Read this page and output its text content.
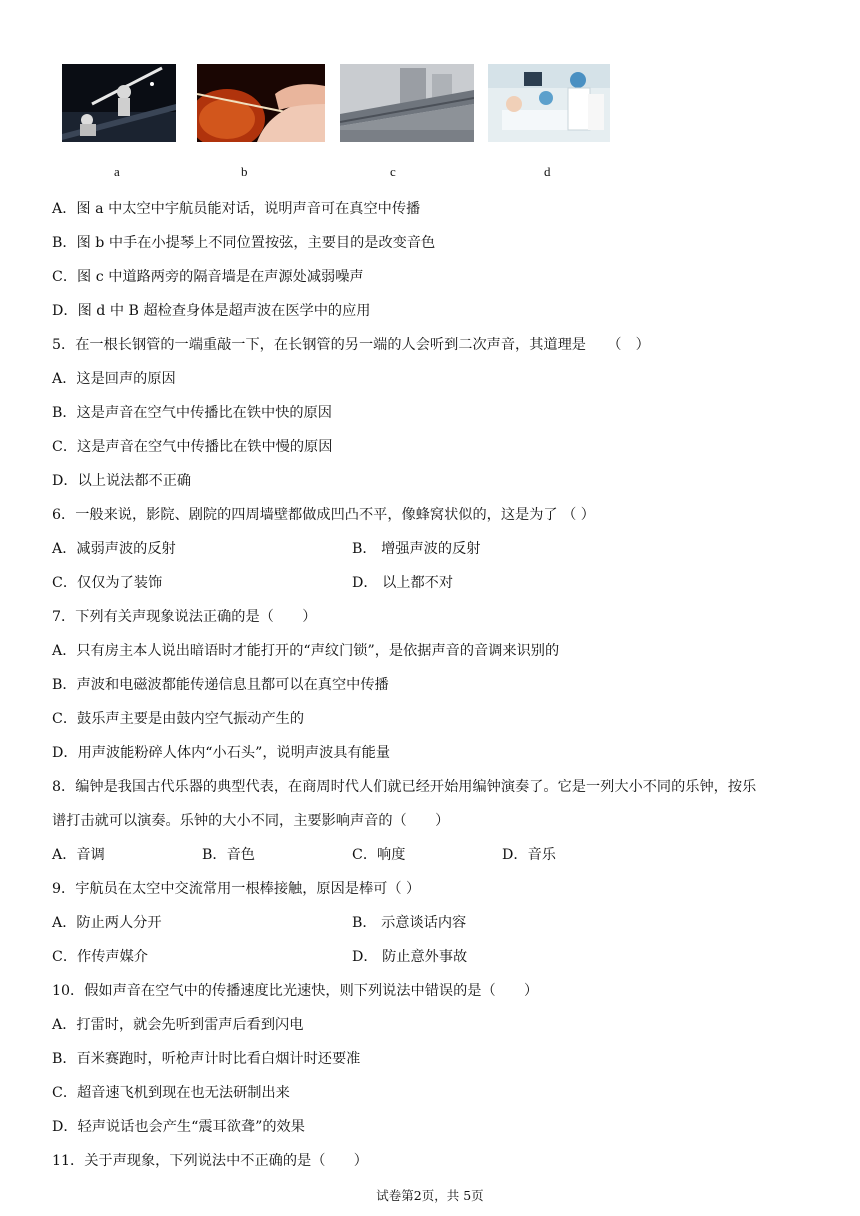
a	b	c	d
A．图 a 中太空中宇航员能对话，说明声音可在真空中传播
B．图 b 中手在小提琴上不同位置按弦，主要目的是改变音色
C．图 c 中道路两旁的隔音墙是在声源处减弱噪声
D．图 d 中 B 超检查身体是超声波在医学中的应用
5．在一根长钢管的一端重敲一下，在长钢管的另一端的人会听到二次声音，其道理是　　（　）
A．这是回声的原因
B．这是声音在空气中传播比在铁中快的原因
C．这是声音在空气中传播比在铁中慢的原因
D．以上说法都不正确
6．一般来说，影院、剧院的四周墙壁都做成凹凸不平，像蜂窝状似的，这是为了 （ ）
A．减弱声波的反射	B． 增强声波的反射
C．仅仅为了装饰	D． 以上都不对
7．下列有关声现象说法正确的是（　　）
A．只有房主本人说出暗语时才能打开的“声纹门锁”，是依据声音的音调来识别的
B．声波和电磁波都能传递信息且都可以在真空中传播
C．鼓乐声主要是由鼓内空气振动产生的
D．用声波能粉碎人体内“小石头”，说明声波具有能量
8．编钟是我国古代乐器的典型代表，在商周时代人们就已经开始用编钟演奏了。它是一列大小不同的乐钟，按乐
谱打击就可以演奏。乐钟的大小不同，主要影响声音的（　　）
A．音调	B．音色	C．响度	D．音乐
9．宇航员在太空中交流常用一根棒接触，原因是棒可（ ）
A．防止两人分开	B． 示意谈话内容
C．作传声媒介	D． 防止意外事故
10．假如声音在空气中的传播速度比光速快，则下列说法中错误的是（　　）
A．打雷时，就会先听到雷声后看到闪电
B．百米赛跑时，听枪声计时比看白烟计时还要准
C．超音速飞机到现在也无法研制出来
D．轻声说话也会产生“震耳欲聋”的效果
11．关于声现象，下列说法中不正确的是（　　）
试卷第2页，共 5页
